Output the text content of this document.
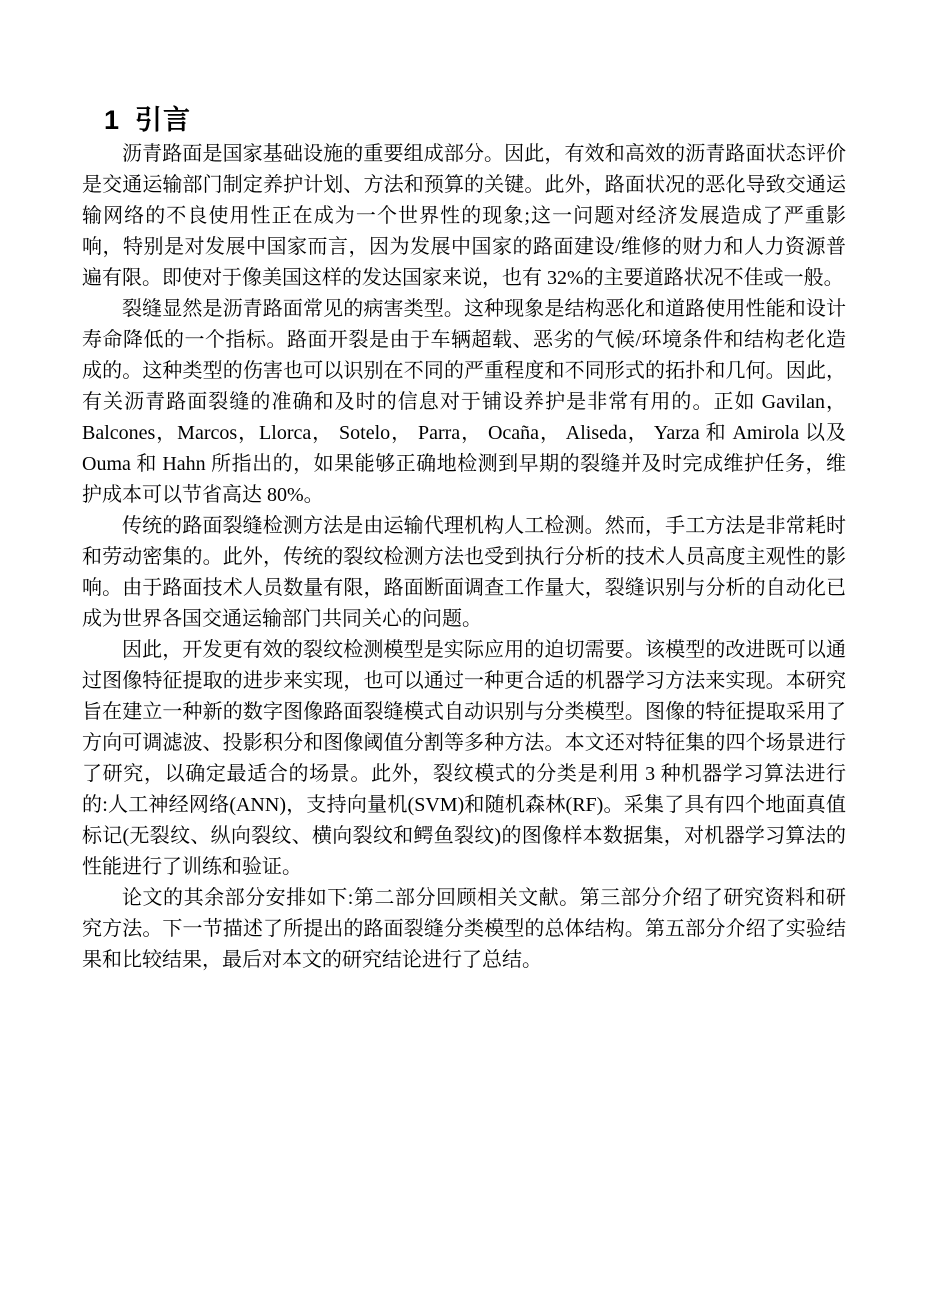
1 引言

沥青路面是国家基础设施的重要组成部分。因此，有效和高效的沥青路面状态评价是交通运输部门制定养护计划、方法和预算的关键。此外，路面状况的恶化导致交通运输网络的不良使用性正在成为一个世界性的现象;这一问题对经济发展造成了严重影响，特别是对发展中国家而言，因为发展中国家的路面建设/维修的财力和人力资源普遍有限。即使对于像美国这样的发达国家来说，也有 32%的主要道路状况不佳或一般。

裂缝显然是沥青路面常见的病害类型。这种现象是结构恶化和道路使用性能和设计寿命降低的一个指标。路面开裂是由于车辆超载、恶劣的气候/环境条件和结构老化造成的。这种类型的伤害也可以识别在不同的严重程度和不同形式的拓扑和几何。因此，有关沥青路面裂缝的准确和及时的信息对于铺设养护是非常有用的。正如 Gavilan，Balcones，Marcos，Llorca， Sotelo， Parra， Ocaña， Aliseda， Yarza 和 Amirola 以及 Ouma 和 Hahn 所指出的，如果能够正确地检测到早期的裂缝并及时完成维护任务，维护成本可以节省高达 80%。

传统的路面裂缝检测方法是由运输代理机构人工检测。然而，手工方法是非常耗时和劳动密集的。此外，传统的裂纹检测方法也受到执行分析的技术人员高度主观性的影响。由于路面技术人员数量有限，路面断面调查工作量大，裂缝识别与分析的自动化已成为世界各国交通运输部门共同关心的问题。

因此，开发更有效的裂纹检测模型是实际应用的迫切需要。该模型的改进既可以通过图像特征提取的进步来实现，也可以通过一种更合适的机器学习方法来实现。本研究旨在建立一种新的数字图像路面裂缝模式自动识别与分类模型。图像的特征提取采用了方向可调滤波、投影积分和图像阈值分割等多种方法。本文还对特征集的四个场景进行了研究，以确定最适合的场景。此外，裂纹模式的分类是利用 3 种机器学习算法进行的:人工神经网络(ANN)，支持向量机(SVM)和随机森林(RF)。采集了具有四个地面真值标记(无裂纹、纵向裂纹、横向裂纹和鳄鱼裂纹)的图像样本数据集，对机器学习算法的性能进行了训练和验证。

论文的其余部分安排如下:第二部分回顾相关文献。第三部分介绍了研究资料和研究方法。下一节描述了所提出的路面裂缝分类模型的总体结构。第五部分介绍了实验结果和比较结果，最后对本文的研究结论进行了总结。
